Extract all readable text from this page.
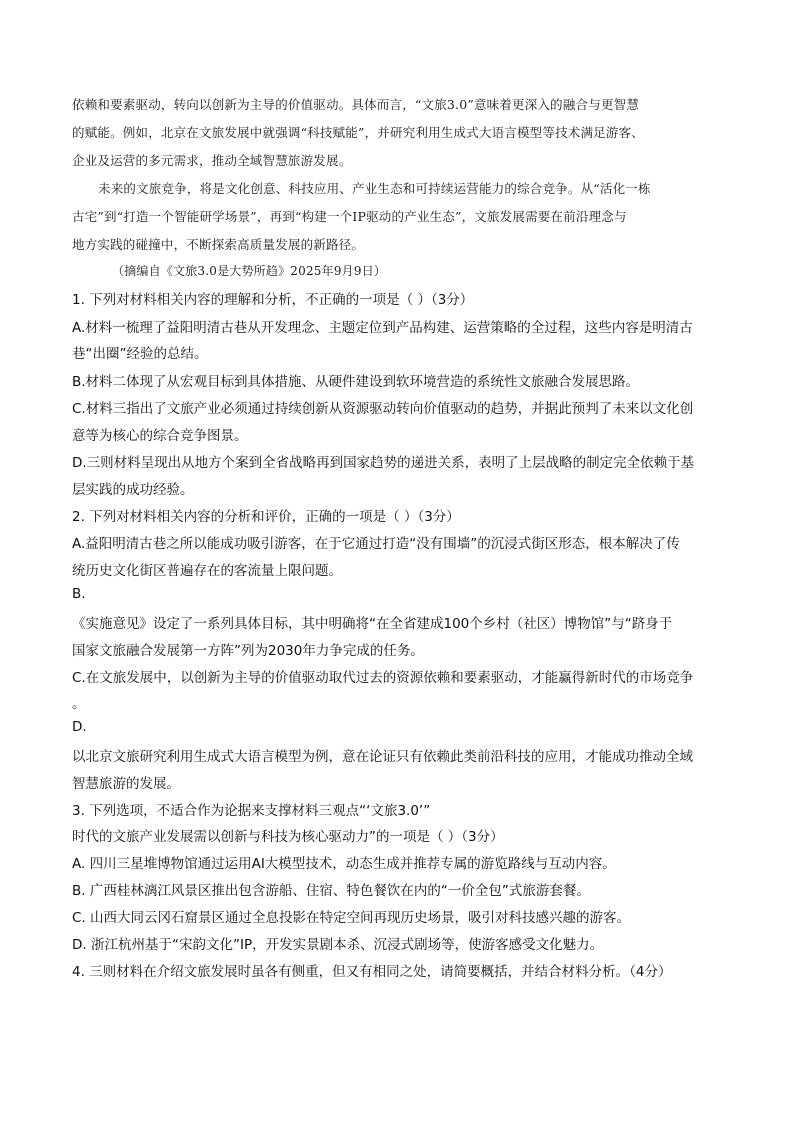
依赖和要素驱动，转向以创新为主导的价值驱动。具体而言，“文旅3.0”意味着更深入的融合与更智慧
的赋能。例如，北京在文旅发展中就强调“科技赋能”，并研究利用生成式大语言模型等技术满足游客、
企业及运营的多元需求，推动全域智慧旅游发展。
未来的文旅竞争，将是文化创意、科技应用、产业生态和可持续运营能力的综合竞争。从“活化一栋
古宅”到“打造一个智能研学场景”，再到“构建一个IP驱动的产业生态”，文旅发展需要在前沿理念与
地方实践的碰撞中，不断探索高质量发展的新路径。
（摘编自《文旅3.0是大势所趋》2025年9月9日）
1. 下列对材料相关内容的理解和分析，不正确的一项是（ ）（3分）
A.材料一梳理了益阳明清古巷从开发理念、主题定位到产品构建、运营策略的全过程，这些内容是明清古
巷“出圈”经验的总结。
B.材料二体现了从宏观目标到具体措施、从硬件建设到软环境营造的系统性文旅融合发展思路。
C.材料三指出了文旅产业必须通过持续创新从资源驱动转向价值驱动的趋势，并据此预判了未来以文化创
意等为核心的综合竞争图景。
D.三则材料呈现出从地方个案到全省战略再到国家趋势的递进关系，表明了上层战略的制定完全依赖于基
层实践的成功经验。
2. 下列对材料相关内容的分析和评价，正确的一项是（ ）（3分）
A.益阳明清古巷之所以能成功吸引游客，在于它通过打造“没有围墙”的沉浸式街区形态，根本解决了传
统历史文化街区普遍存在的客流量上限问题。
B.
《实施意见》设定了一系列具体目标，其中明确将“在全省建成100个乡村（社区）博物馆”与“跻身于
国家文旅融合发展第一方阵”列为2030年力争完成的任务。
C.在文旅发展中，以创新为主导的价值驱动取代过去的资源依赖和要素驱动，才能赢得新时代的市场竞争
。
D.
以北京文旅研究利用生成式大语言模型为例，意在论证只有依赖此类前沿科技的应用，才能成功推动全域
智慧旅游的发展。
3. 下列选项，不适合作为论据来支撑材料三观点“‘文旅3.0’”
时代的文旅产业发展需以创新与科技为核心驱动力”的一项是（ ）（3分）
A. 四川三星堆博物馆通过运用AI大模型技术，动态生成并推荐专属的游览路线与互动内容。
B. 广西桂林漓江风景区推出包含游船、住宿、特色餐饮在内的“一价全包”式旅游套餐。
C. 山西大同云冈石窟景区通过全息投影在特定空间再现历史场景，吸引对科技感兴趣的游客。
D. 浙江杭州基于“宋韵文化”IP，开发实景剧本杀、沉浸式剧场等，使游客感受文化魅力。
4. 三则材料在介绍文旅发展时虽各有侧重，但又有相同之处，请简要概括，并结合材料分析。（4分）
